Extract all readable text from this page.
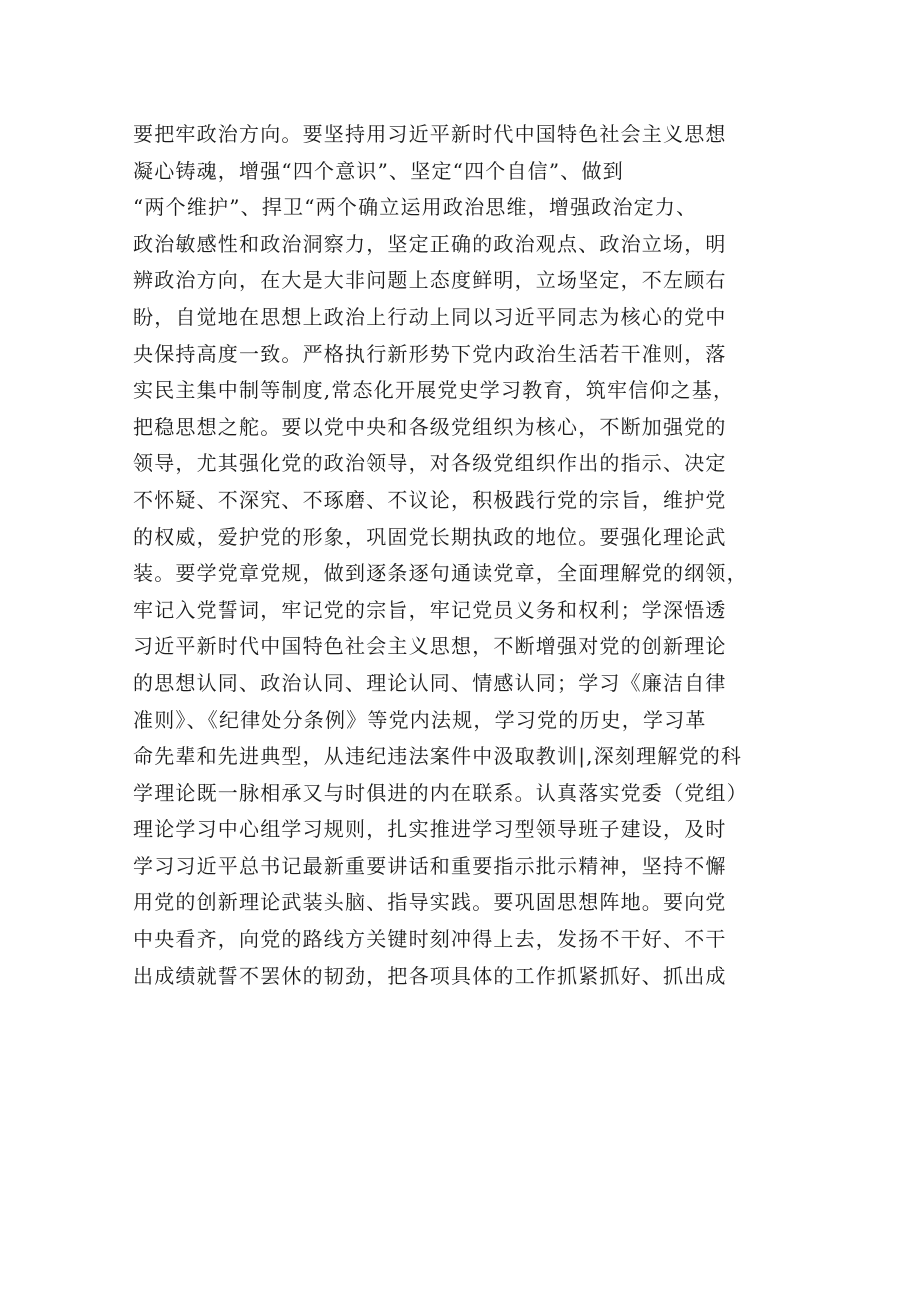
要把牢政治方向。要坚持用习近平新时代中国特色社会主义思想
凝心铸魂，增强“四个意识”、坚定“四个自信”、做到
“两个维护”、捍卫“两个确立运用政治思维，增强政治定力、
政治敏感性和政治洞察力，坚定正确的政治观点、政治立场，明
辨政治方向，在大是大非问题上态度鲜明，立场坚定，不左顾右
盼，自觉地在思想上政治上行动上同以习近平同志为核心的党中
央保持高度一致。严格执行新形势下党内政治生活若干准则，落
实民主集中制等制度,常态化开展党史学习教育，筑牢信仰之基，
把稳思想之舵。要以党中央和各级党组织为核心，不断加强党的
领导，尤其强化党的政治领导，对各级党组织作出的指示、决定
不怀疑、不深究、不琢磨、不议论，积极践行党的宗旨，维护党
的权威，爱护党的形象，巩固党长期执政的地位。要强化理论武
装。要学党章党规，做到逐条逐句通读党章，全面理解党的纲领，
牢记入党誓词，牢记党的宗旨，牢记党员义务和权利；学深悟透
习近平新时代中国特色社会主义思想，不断增强对党的创新理论
的思想认同、政治认同、理论认同、情感认同；学习《廉洁自律
准则》、《纪律处分条例》等党内法规，学习党的历史，学习革
命先辈和先进典型，从违纪违法案件中汲取教训|,深刻理解党的科
学理论既一脉相承又与时俱进的内在联系。认真落实党委（党组）
理论学习中心组学习规则，扎实推进学习型领导班子建设，及时
学习习近平总书记最新重要讲话和重要指示批示精神，坚持不懈
用党的创新理论武装头脑、指导实践。要巩固思想阵地。要向党
中央看齐，向党的路线方关键时刻冲得上去，发扬不干好、不干
出成绩就誓不罢休的韧劲，把各项具体的工作抓紧抓好、抓出成
